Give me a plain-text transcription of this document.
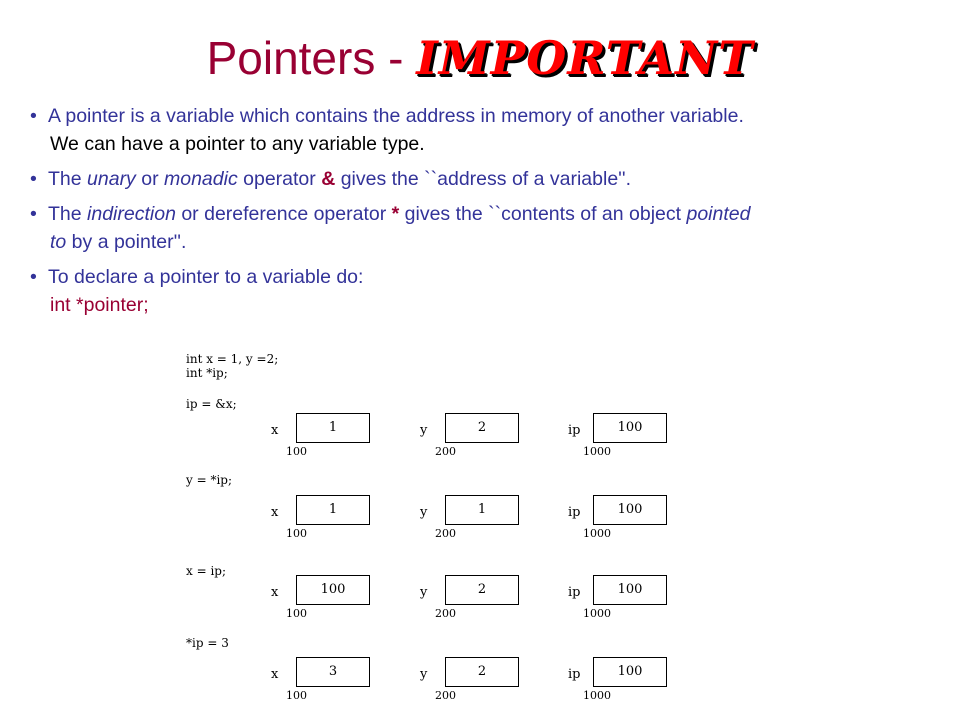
Pointers - IMPORTANT
• A pointer is a variable which contains the address in memory of another variable.
We can have a pointer to any variable type.
• The unary or monadic operator & gives the ``address of a variable''.
• The indirection or dereference operator * gives the ``contents of an object pointed
to by a pointer''.
• To declare a pointer to a variable do:
int *pointer;
int x = 1, y =2;
int *ip;
ip = &x;
x	1
100
y	2
200
ip	100
1000
y = *ip;
x	1
100
y	1
200
ip	100
1000
x = ip;
x	100
100
y	2
200
ip	100
1000
*ip = 3
x	3
100
y	2
200
ip	100
1000
